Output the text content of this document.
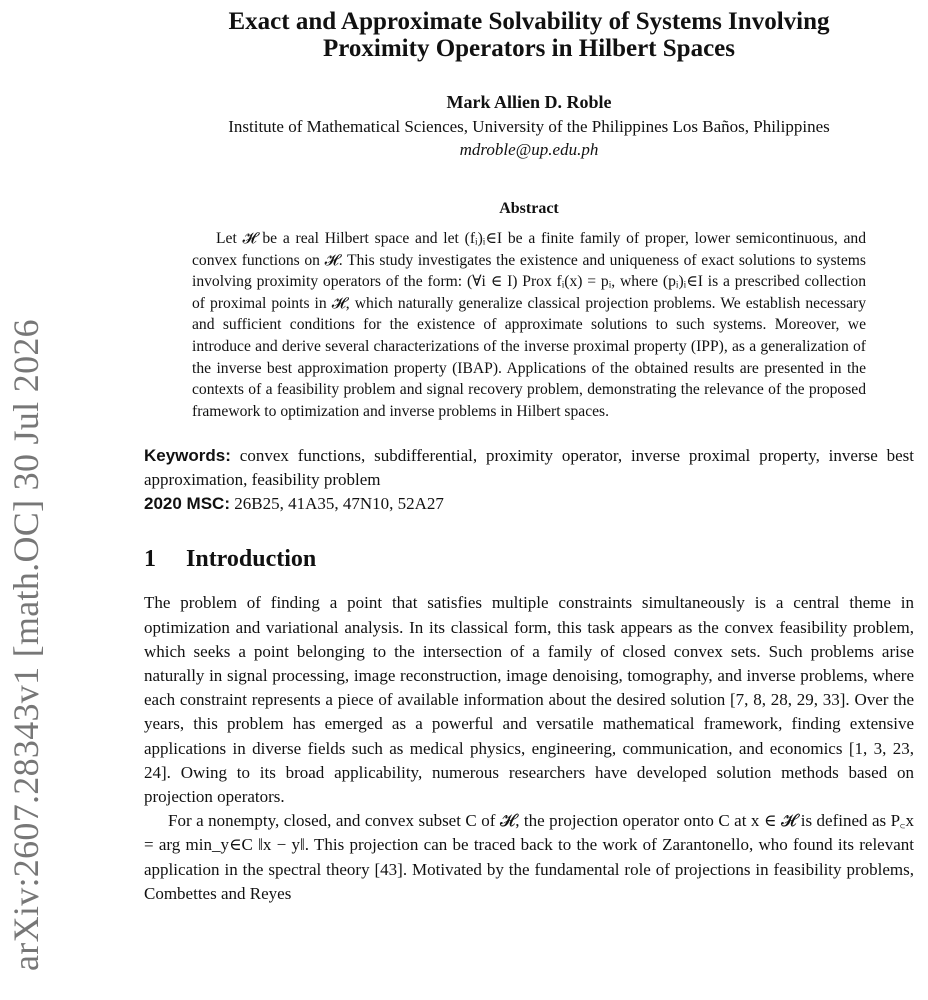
arXiv:2607.28343v1 [math.OC] 30 Jul 2026
Exact and Approximate Solvability of Systems Involving
Proximity Operators in Hilbert Spaces
Mark Allien D. Roble
Institute of Mathematical Sciences, University of the Philippines Los Baños, Philippines
mdroble@up.edu.ph
Abstract

Let 𝓗 be a real Hilbert space and let (fᵢ)ᵢ∈I be a finite family of proper, lower semicontinuous, and convex functions on 𝓗. This study investigates the existence and uniqueness of exact solutions to systems involving proximity operators of the form: (∀i ∈ I) Prox fᵢ(x) = pᵢ, where (pᵢ)ᵢ∈I is a prescribed collection of proximal points in 𝓗, which naturally generalize classical projection problems. We establish necessary and sufficient conditions for the existence of approximate solutions to such systems. Moreover, we introduce and derive several characterizations of the inverse proximal property (IPP), as a generalization of the inverse best approximation property (IBAP). Applications of the obtained results are presented in the contexts of a feasibility problem and signal recovery problem, demonstrating the relevance of the proposed framework to optimization and inverse problems in Hilbert spaces.

Keywords: convex functions, subdifferential, proximity operator, inverse proximal property, inverse best approximation, feasibility problem
2020 MSC: 26B25, 41A35, 47N10, 52A27
1 Introduction

The problem of finding a point that satisfies multiple constraints simultaneously is a central theme in optimization and variational analysis. In its classical form, this task appears as the convex feasibility problem, which seeks a point belonging to the intersection of a family of closed convex sets. Such problems arise naturally in signal processing, image reconstruction, image denoising, tomography, and inverse problems, where each constraint represents a piece of available information about the desired solution [7, 8, 28, 29, 33]. Over the years, this problem has emerged as a powerful and versatile mathematical framework, finding extensive applications in diverse fields such as medical physics, engineering, communication, and economics [1, 3, 23, 24]. Owing to its broad applicability, numerous researchers have developed solution methods based on projection operators.

For a nonempty, closed, and convex subset C of 𝓗, the projection operator onto C at x ∈ 𝓗 is defined as P꜀x = arg min_y∈C ‖x − y‖. This projection can be traced back to the work of Zarantonello, who found its relevant application in the spectral theory [43]. Motivated by the fundamental role of projections in feasibility problems, Combettes and Reyes
